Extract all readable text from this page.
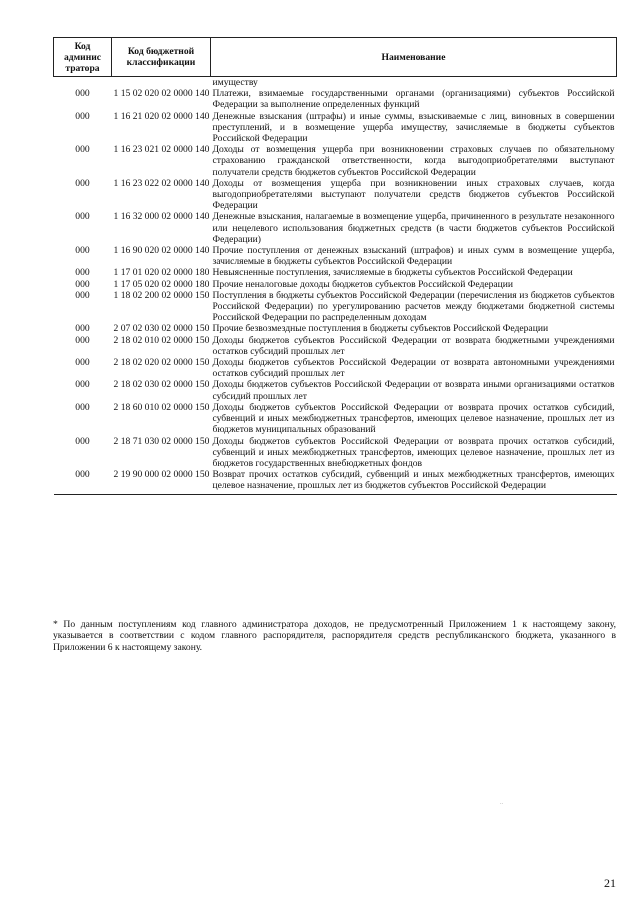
Код админис тратора	Код бюджетной классификации	Наименование
		имуществу
000	1 15 02 020 02 0000 140	Платежи, взимаемые государственными органами (организациями) субъектов Российской Федерации за выполнение определенных функций
000	1 16 21 020 02 0000 140	Денежные взыскания (штрафы) и иные суммы, взыскиваемые с лиц, виновных в совершении преступлений, и в возмещение ущерба имуществу, зачисляемые в бюджеты субъектов Российской Федерации
000	1 16 23 021 02 0000 140	Доходы от возмещения ущерба при возникновении страховых случаев по обязательному страхованию гражданской ответственности, когда выгодоприобретателями выступают получатели средств бюджетов субъектов Российской Федерации
000	1 16 23 022 02 0000 140	Доходы от возмещения ущерба при возникновении иных страховых случаев, когда выгодоприобретателями выступают получатели средств бюджетов субъектов Российской Федерации
000	1 16 32 000 02 0000 140	Денежные взыскания, налагаемые в возмещение ущерба, причиненного в результате незаконного или нецелевого использования бюджетных средств (в части бюджетов субъектов Российской Федерации)
000	1 16 90 020 02 0000 140	Прочие поступления от денежных взысканий (штрафов) и иных сумм в возмещение ущерба, зачисляемые в бюджеты субъектов Российской Федерации
000	1 17 01 020 02 0000 180	Невыясненные поступления, зачисляемые в бюджеты субъектов Российской Федерации
000	1 17 05 020 02 0000 180	Прочие неналоговые доходы бюджетов субъектов Российской Федерации
000	1 18 02 200 02 0000 150	Поступления в бюджеты субъектов Российской Федерации (перечисления из бюджетов субъектов Российской Федерации) по урегулированию расчетов между бюджетами бюджетной системы Российской Федерации по распределенным доходам
000	2 07 02 030 02 0000 150	Прочие безвозмездные поступления в бюджеты субъектов Российской Федерации
000	2 18 02 010 02 0000 150	Доходы бюджетов субъектов Российской Федерации от возврата бюджетными учреждениями остатков субсидий прошлых лет
000	2 18 02 020 02 0000 150	Доходы бюджетов субъектов Российской Федерации от возврата автономными учреждениями остатков субсидий прошлых лет
000	2 18 02 030 02 0000 150	Доходы бюджетов субъектов Российской Федерации от возврата иными организациями остатков субсидий прошлых лет
000	2 18 60 010 02 0000 150	Доходы бюджетов субъектов Российской Федерации от возврата прочих остатков субсидий, субвенций и иных межбюджетных трансфертов, имеющих целевое назначение, прошлых лет из бюджетов муниципальных образований
000	2 18 71 030 02 0000 150	Доходы бюджетов субъектов Российской Федерации от возврата прочих остатков субсидий, субвенций и иных межбюджетных трансфертов, имеющих целевое назначение, прошлых лет из бюджетов государственных внебюджетных фондов
000	2 19 90 000 02 0000 150	Возврат прочих остатков субсидий, субвенций и иных межбюджетных трансфертов, имеющих целевое назначение, прошлых лет из бюджетов субъектов Российской Федерации
* По данным поступлениям код главного администратора доходов, не предусмотренный Приложением 1 к настоящему закону, указывается в соответствии с кодом главного распорядителя, распорядителя средств республиканского бюджета, указанного в Приложении 6 к настоящему закону.
..
21
